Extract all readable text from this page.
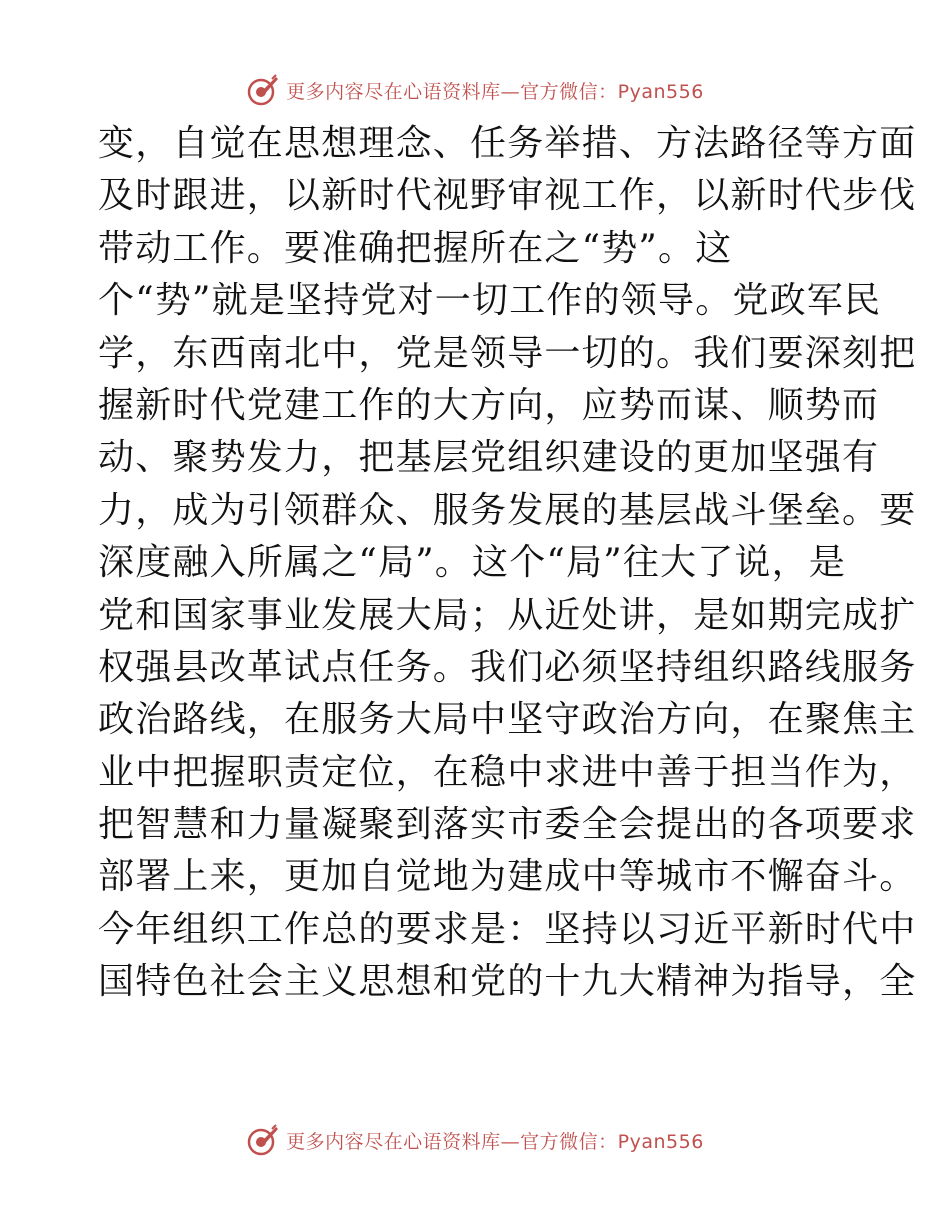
更多内容尽在心语资料库—官方微信：Pyan556
变，自觉在思想理念、任务举措、方法路径等方面
及时跟进，以新时代视野审视工作，以新时代步伐
带动工作。要准确把握所在之“势”。这
个“势”就是坚持党对一切工作的领导。党政军民
学，东西南北中，党是领导一切的。我们要深刻把
握新时代党建工作的大方向，应势而谋、顺势而
动、聚势发力，把基层党组织建设的更加坚强有
力，成为引领群众、服务发展的基层战斗堡垒。要
深度融入所属之“局”。这个“局”往大了说，是
党和国家事业发展大局；从近处讲，是如期完成扩
权强县改革试点任务。我们必须坚持组织路线服务
政治路线，在服务大局中坚守政治方向，在聚焦主
业中把握职责定位，在稳中求进中善于担当作为，
把智慧和力量凝聚到落实市委全会提出的各项要求
部署上来，更加自觉地为建成中等城市不懈奋斗。
今年组织工作总的要求是：坚持以习近平新时代中
国特色社会主义思想和党的十九大精神为指导，全
更多内容尽在心语资料库—官方微信：Pyan556
